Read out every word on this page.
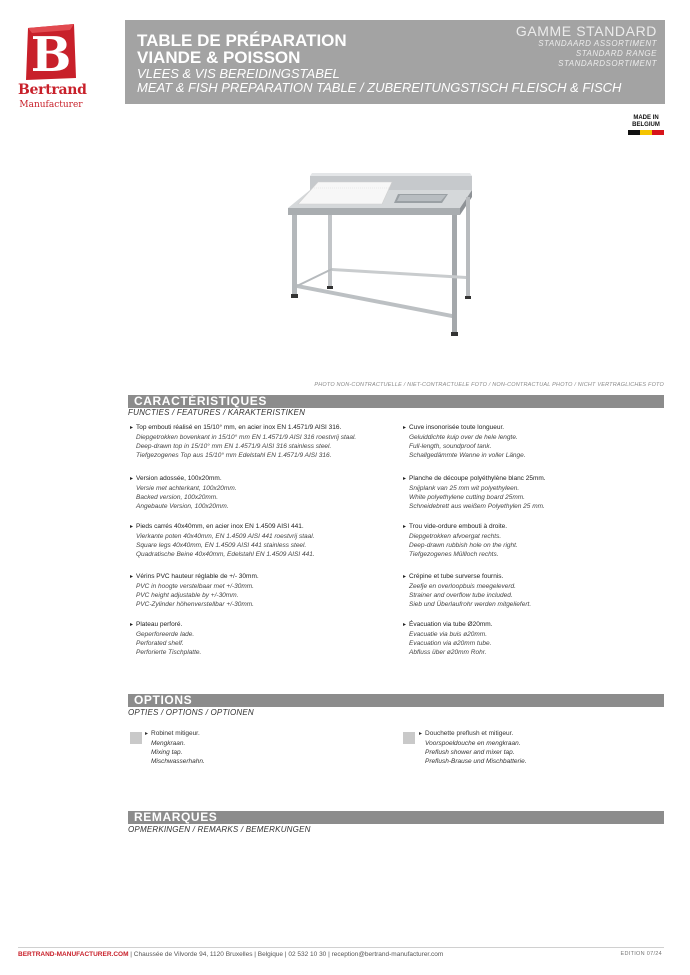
B
Bertrand
Manufacturer
TABLE DE PRÉPARATION
VIANDE & POISSON
VLEES & VIS BEREIDINGSTABEL
MEAT & FISH PREPARATION TABLE / ZUBEREITUNGSTISCH FLEISCH & FISCH
GAMME STANDARD
STANDAARD ASSORTIMENT
STANDARD RANGE
STANDARDSORTIMENT
MADE IN
BELGIUM
PHOTO NON-CONTRACTUELLE / NIET-CONTRACTUELE FOTO / NON-CONTRACTUAL PHOTO / NICHT VERTRAGLICHES FOTO
CARACTÉRISTIQUES
FUNCTIES / FEATURES / KARAKTERISTIKEN
▸ Top embouti réalisé en 15/10° mm, en acier inox EN 1.4571/9 AISI 316.
Diepgetrokken bovenkant in 15/10° mm EN 1.4571/9 AISI 316 roestvrij staal.
Deep-drawn top in 15/10° mm EN 1.4571/9 AISI 316 stainless steel.
Tiefgezogenes Top aus 15/10° mm Edelstahl EN 1.4571/9 AISI 316.
▸ Version adossée, 100x20mm.
Versie met achterkant, 100x20mm.
Backed version, 100x20mm.
Angebaute Version, 100x20mm.
▸ Pieds carrés 40x40mm, en acier inox EN 1.4509 AISI 441.
Vierkante poten 40x40mm, EN 1.4509 AISI 441 roestvrij staal.
Square legs 40x40mm, EN 1.4509 AISI 441 stainless steel.
Quadratische Beine 40x40mm, Edelstahl EN 1.4509 AISI 441.
▸ Vérins PVC hauteur réglable de +/- 30mm.
PVC in hoogte verstelbaar met +/-30mm.
PVC height adjustable by +/-30mm.
PVC-Zylinder höhenverstellbar +/-30mm.
▸ Plateau perforé.
Geperforeerde lade.
Perforated shelf.
Perforierte Tischplatte.
▸ Cuve insonorisée toute longueur.
Geluiddichte kuip over de hele lengte.
Full-length, soundproof tank.
Schallgedämmte Wanne in voller Länge.
▸ Planche de découpe polyéthylène blanc 25mm.
Snijplank van 25 mm wit polyethyleen.
White polyethylene cutting board 25mm.
Schneidebrett aus weißem Polyethylen 25 mm.
▸ Trou vide-ordure embouti à droite.
Diepgetrokken afvoergat rechts.
Deep-drawn rubbish hole on the right.
Tiefgezogenes Müllloch rechts.
▸ Crépine et tube surverse fournis.
Zeefje en overloopbuis meegeleverd.
Strainer and overflow tube included.
Sieb und Überlaufrohr werden mitgeliefert.
▸ Évacuation via tube Ø20mm.
Evacuatie via buis ø20mm.
Evacuation via ø20mm tube.
Abfluss über ø20mm Rohr.
OPTIONS
OPTIES / OPTIONS / OPTIONEN
▸ Robinet mitigeur.
Mengkraan.
Mixing tap.
Mischwasserhahn.
▸ Douchette preflush et mitigeur.
Voorspoeldouche en mengkraan.
Preflush shower and mixer tap.
Preflush-Brause und Mischbatterie.
REMARQUES
OPMERKINGEN / REMARKS / BEMERKUNGEN
BERTRAND-MANUFACTURER.COM | Chaussée de Vilvorde 94, 1120 Bruxelles | Belgique | 02 532 10 30 | reception@bertrand-manufacturer.com	EDITION 07/24
